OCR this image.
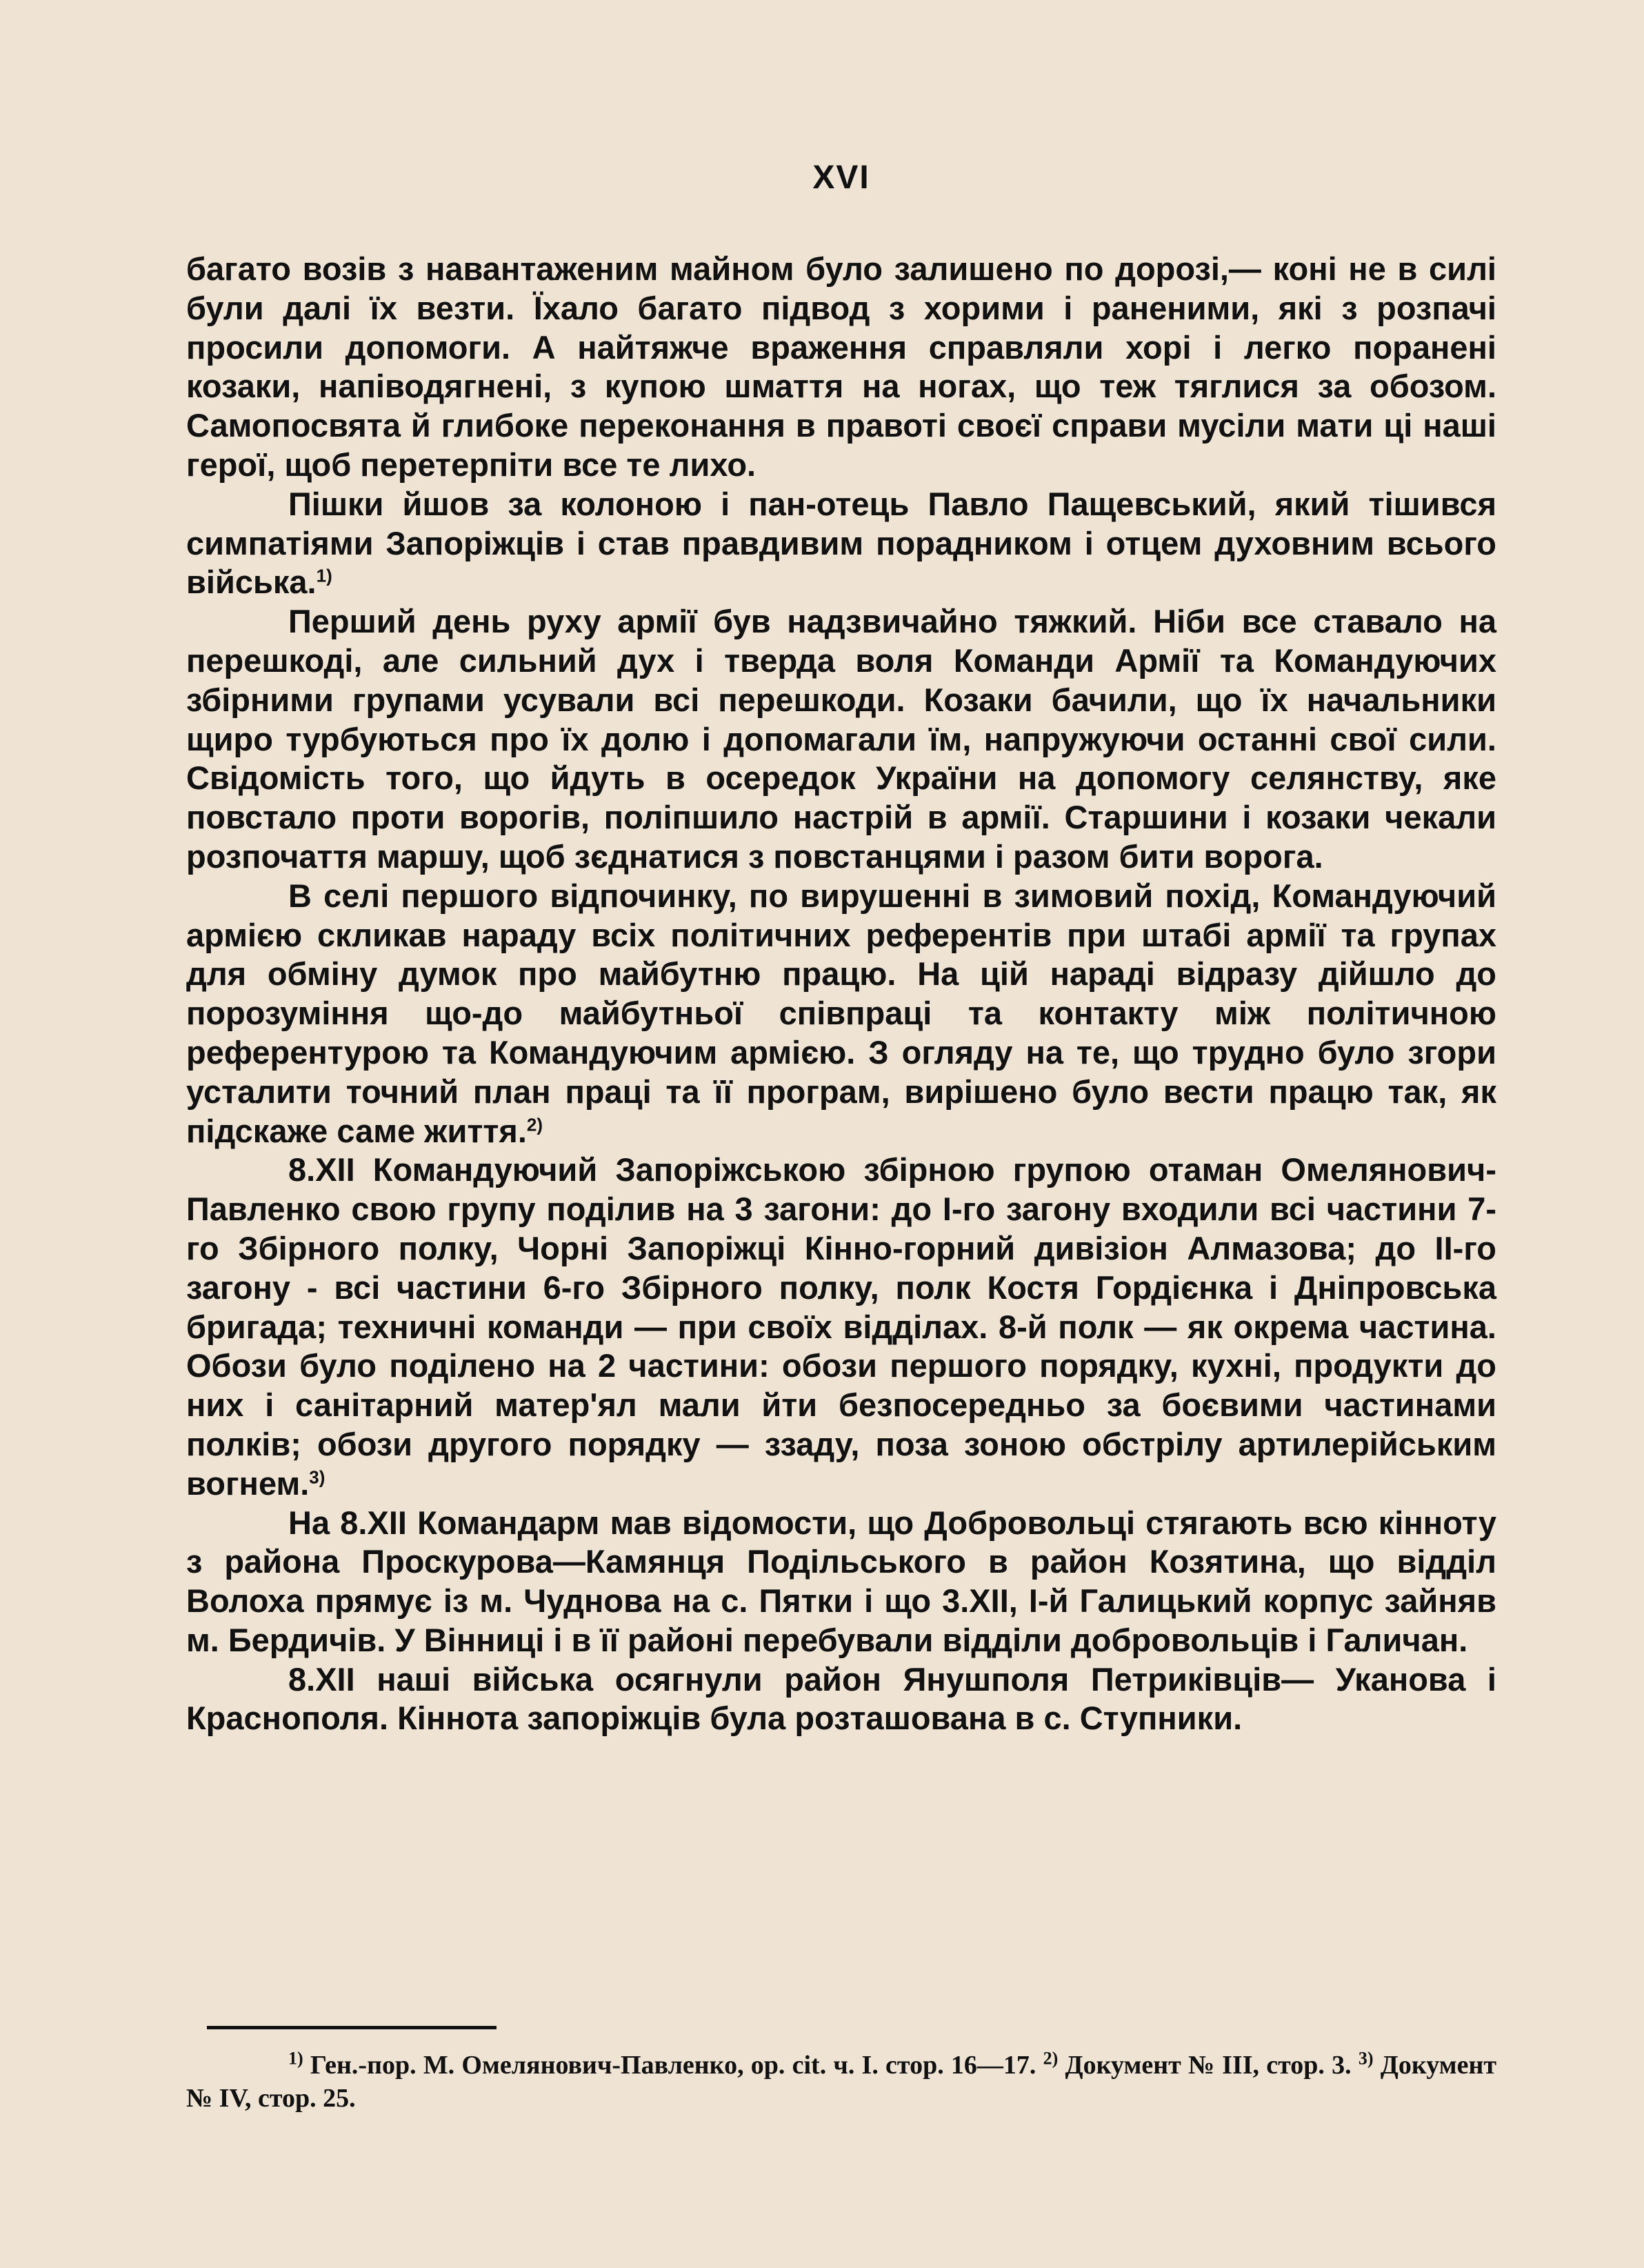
XVI

багато возів з навантаженим майном було залишено по дорозі,— коні не в силі були далі їх везти. Їхало багато підвод з хорими і раненими, які з розпачі просили допомоги. А найтяжче враження справляли хорі і легко поранені козаки, напіводягнені, з купою шмаття на ногах, що теж тяглися за обозом. Самопосвята й глибоке переконання в правоті своєї справи мусіли мати ці наші герої, щоб перетерпіти все те лихо.

Пішки йшов за колоною і пан-отець Павло Пащевський, який тішився симпатіями Запоріжців і став правдивим порадником і отцем духовним всього війська.$^{1)}$

Перший день руху армії був надзвичайно тяжкий. Ніби все ставало на перешкоді, але сильний дух і тверда воля Команди Армії та Командуючих збірними групами усували всі перешкоди. Козаки бачили, що їх начальники щиро турбуються про їх долю і допомагали їм, напружуючи останні свої сили. Свідомість того, що йдуть в осередок України на допомогу селянству, яке повстало проти ворогів, поліпшило настрій в армії. Старшини і козаки чекали розпочаття маршу, щоб зєднатися з повстанцями і разом бити ворога.

В селі першого відпочинку, по вирушенні в зимовий похід, Командуючий армією скликав нараду всіх політичних референтів при штабі армії та групах для обміну думок про майбутню працю. На цій нараді відразу дійшло до порозуміння що-до майбутньої співпраці та контакту між політичною референтурою та Командуючим армією. З огляду на те, що трудно було згори усталити точний план праці та її програм, вирішено було вести працю так, як підскаже саме життя.$^{2)}$

8.XII Командуючий Запоріжською збірною групою отаман Омелянович-Павленко свою групу поділив на 3 загони: до I-го загону входили всі частини 7-го Збірного полку, Чорні Запоріжці Кінно-горний дивізіон Алмазова; до II-го загону - всі частини 6-го Збірного полку, полк Костя Гордієнка і Дніпровська бригада; техничні команди — при своїх відділах. 8-й полк — як окрема частина. Обози було поділено на 2 частини: обози першого порядку, кухні, продукти до них і санітарний матер'ял мали йти безпосередньо за боєвими частинами полків; обози другого порядку — ззаду, поза зоною обстрілу артилерійським вогнем.$^{3)}$

На 8.XII Командарм мав відомости, що Добровольці стягають всю кінноту з района Проскурова—Камянця Подільського в район Козятина, що відділ Волоха прямує із м. Чуднова на с. Пятки і що 3.XII, I-й Галицький корпус зайняв м. Бердичів. У Вінниці і в її районі перебували відділи добровольців і Галичан.

8.XII наші війська осягнули район Янушполя Петриківців— Уканова і Краснополя. Кіннота запоріжців була розташована в с. Ступники.

$^{1)}$ Ген.-пор. М. Омелянович-Павленко, ор. cit. ч. I. стор. 16—17. $^{2)}$ Документ № III, стор. 3. $^{3)}$ Документ № IV, стор. 25.
